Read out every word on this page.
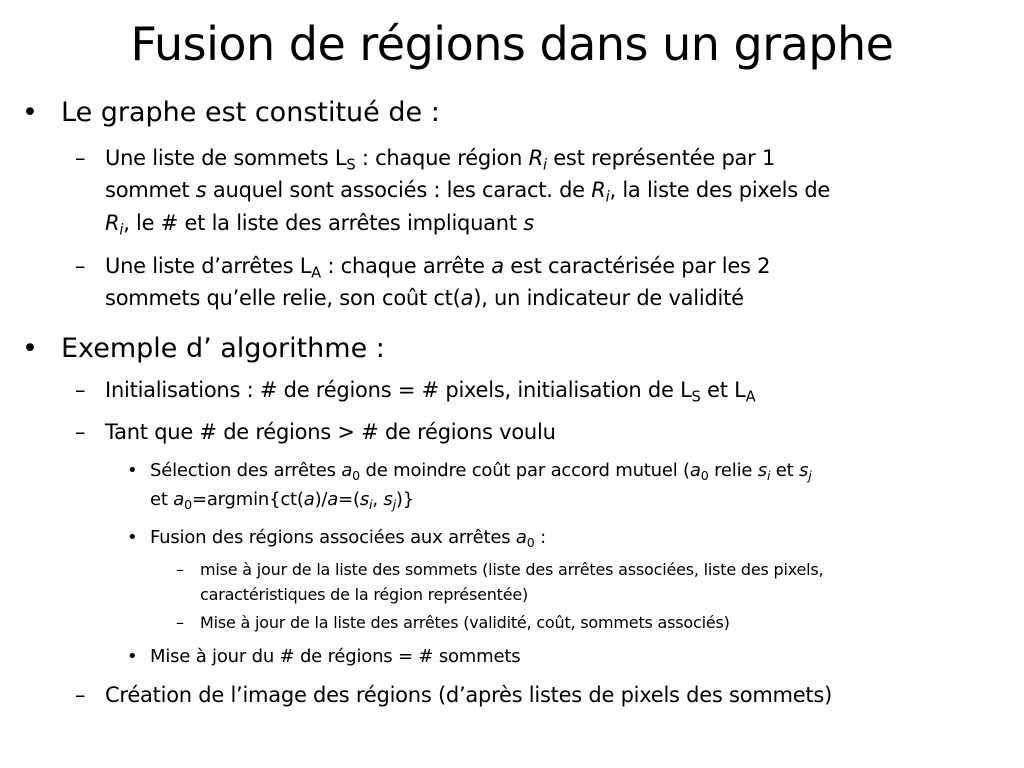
Fusion de régions dans un graphe
• Le graphe est constitué de :
– Une liste de sommets $L_S$ : chaque région $R_i$ est représentée par 1
sommet s auquel sont associés : les caract. de $R_i$, la liste des pixels de
$R_i$, le # et la liste des arrêtes impliquant s
– Une liste d’arrêtes $L_A$ : chaque arrête a est caractérisée par les 2
sommets qu’elle relie, son coût ct(a), un indicateur de validité
• Exemple d’ algorithme :
– Initialisations : # de régions = # pixels, initialisation de $L_S$ et $L_A$
– Tant que # de régions > # de régions voulu
• Sélection des arrêtes $a_0$ de moindre coût par accord mutuel ($a_0$ relie $s_i$ et $s_j$
et $a_0=argmin\{ct(a)/a=(s_i$, $s_j$)}
• Fusion des régions associées aux arrêtes $a_0$ :
– mise à jour de la liste des sommets (liste des arrêtes associées, liste des pixels,
caractéristiques de la région représentée)
– Mise à jour de la liste des arrêtes (validité, coût, sommets associés)
• Mise à jour du # de régions = # sommets
– Création de l’image des régions (d’après listes de pixels des sommets)
